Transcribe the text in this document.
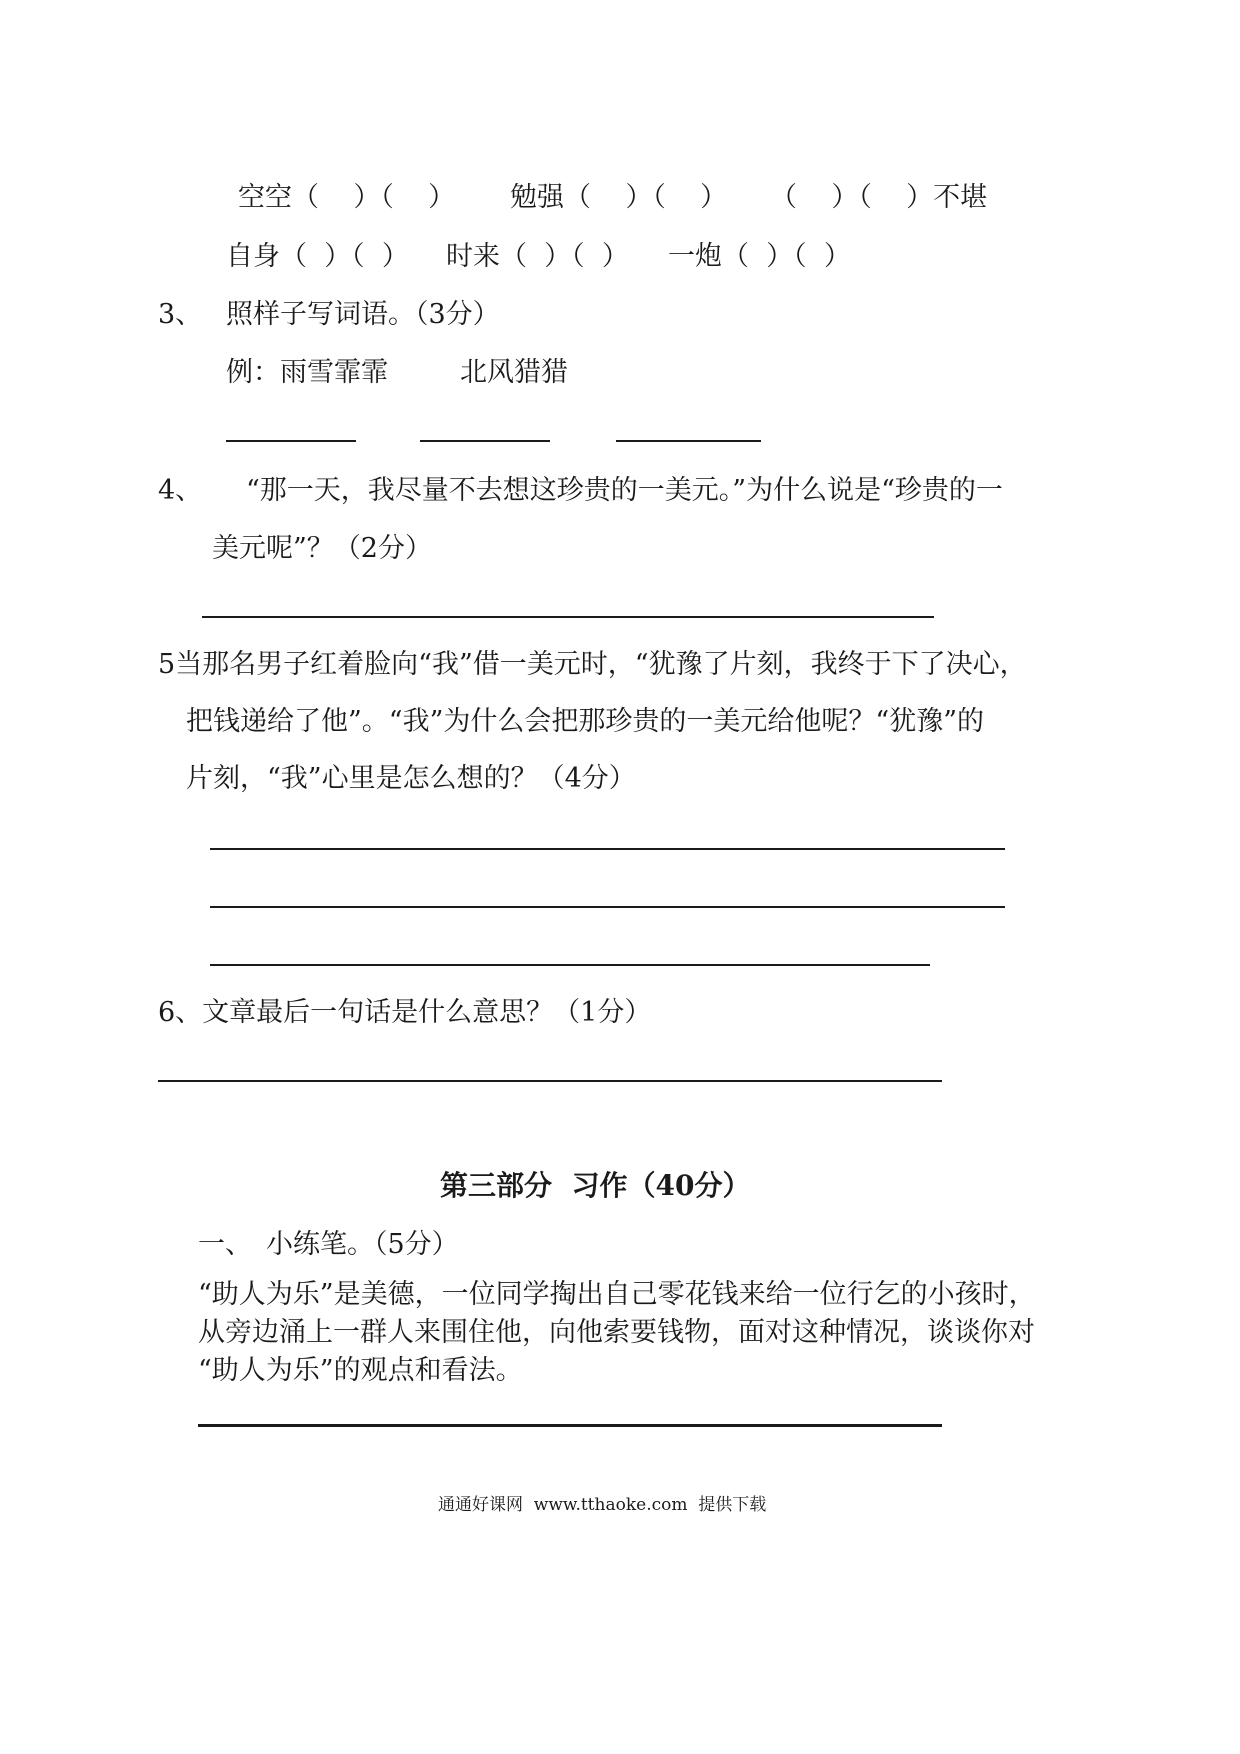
空空（    ）（    ） 勉强（    ）（    ） （    ）（    ）不堪
自身（  ）（  ） 时来（  ）（  ） 一炮（  ）（  ）
3、 照样子写词语。（3分）
例：雨雪霏霏	北风猎猎
4、 “那一天，我尽量不去想这珍贵的一美元。”为什么说是“珍贵的一
美元呢”？（2分）
5当那名男子红着脸向“我”借一美元时，“犹豫了片刻，我终于下了决心，
把钱递给了他”。“我”为什么会把那珍贵的一美元给他呢？“犹豫”的
片刻，“我”心里是怎么想的？（4分）
6、文章最后一句话是什么意思？（1分）
第三部分  习作（40分）
一、 小练笔。（5分）
“助人为乐”是美德，一位同学掏出自己零花钱来给一位行乞的小孩时，
从旁边涌上一群人来围住他，向他索要钱物，面对这种情况，谈谈你对
“助人为乐”的观点和看法。
通通好课网  www.tthaoke.com  提供下载
